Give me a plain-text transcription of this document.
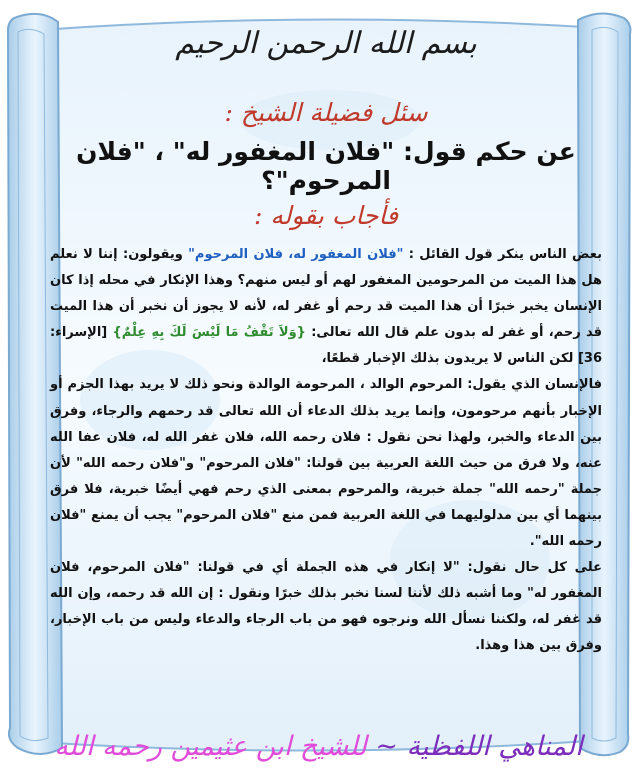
بسم الله الرحمن الرحيم
سئل فضيلة الشيخ :
عن حكم قول: "فلان المغفور له" ، "فلان المرحوم"؟
فأجاب بقوله :

بعض الناس ينكر قول القائل : "فلان المغفور له، فلان المرحوم" ويقولون: إننا لا نعلم هل هذا الميت من المرحومين المغفور لهم أو ليس منهم؟ وهذا الإنكار في محله إذا كان الإنسان يخبر خبرًا أن هذا الميت قد رحم أو غفر له، لأنه لا يجوز أن نخبر أن هذا الميت قد رحم، أو غفر له بدون علم قال الله تعالى: {وَلاَ تَقْفُ مَا لَيْسَ لَكَ بِهِ عِلْمٌ} [الإسراء: 36] لكن الناس لا يريدون بذلك الإخبار قطعًا،

فالإنسان الذي يقول: المرحوم الوالد ، المرحومة الوالدة ونحو ذلك لا يريد بهذا الجزم أو الإخبار بأنهم مرحومون، وإنما يريد بذلك الدعاء أن الله تعالى قد رحمهم والرجاء، وفرق بين الدعاء والخبر، ولهذا نحن نقول : فلان رحمه الله، فلان غفر الله له، فلان عفا الله عنه، ولا فرق من حيث اللغة العربية بين قولنا: "فلان المرحوم" و"فلان رحمه الله" لأن جملة "رحمه الله" جملة خبرية، والمرحوم بمعنى الذي رحم فهي أيضًا خبرية، فلا فرق بينهما أي بين مدلوليهما في اللغة العربية فمن منع "فلان المرحوم" يجب أن يمنع "فلان رحمه الله".

على كل حال نقول: "لا إنكار في هذه الجملة أي في قولنا: "فلان المرحوم، فلان المغفور له" وما أشبه ذلك لأننا لسنا نخبر بذلك خبرًا ونقول : إن الله قد رحمه، وإن الله قد غفر له، ولكننا نسأل الله ونرجوه فهو من باب الرجاء والدعاء وليس من باب الإخبار، وفرق بين هذا وهذا.

المناهي اللفظية ~ للشيخ ابن عثيمين رحمه الله
